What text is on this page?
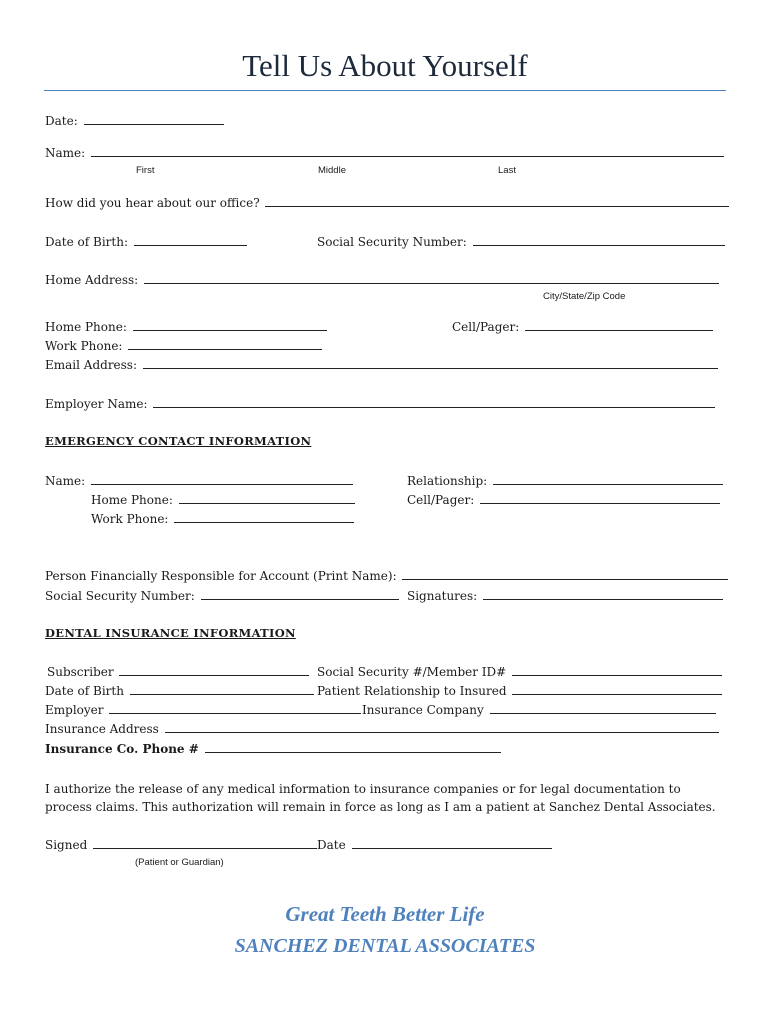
Tell Us About Yourself
Date:
Name:
First	Middle	Last
How did you hear about our office?
Date of Birth:	Social Security Number:
Home Address:
City/State/Zip Code
Home Phone:	Cell/Pager:
Work Phone:
Email Address:
Employer Name:
EMERGENCY CONTACT INFORMATION
Name:	Relationship:
Home Phone:	Cell/Pager:
Work Phone:
Person Financially Responsible for Account (Print Name):
Social Security Number:	Signatures:
DENTAL INSURANCE INFORMATION
Subscriber	Social Security #/Member ID#
Date of Birth	Patient Relationship to Insured
Employer	Insurance Company
Insurance Address
Insurance Co. Phone #
I authorize the release of any medical information to insurance companies or for legal documentation to process claims. This authorization will remain in force as long as I am a patient at Sanchez Dental Associates.
Signed	Date
(Patient or Guardian)
Great Teeth Better Life
SANCHEZ DENTAL ASSOCIATES
